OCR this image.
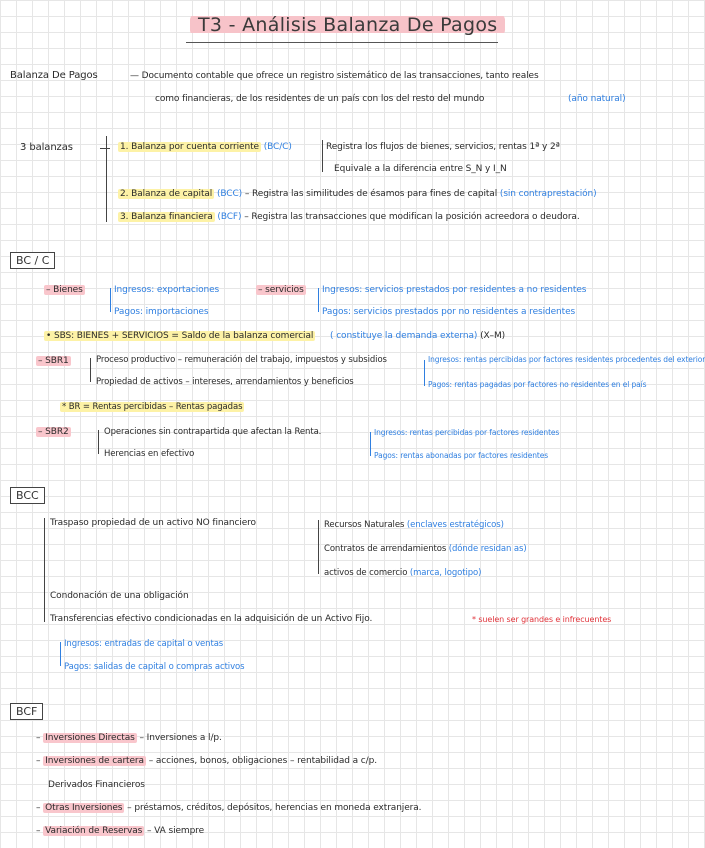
T3 - Análisis Balanza De Pagos
Balanza De Pagos	— Documento contable que ofrece un registro sistemático de las transacciones, tanto reales
como financieras, de los residentes de un país con los del resto del mundo	(año natural)
3 balanzas	1. Balanza por cuenta corriente (BC/C)	Registra los flujos de bienes, servicios, rentas 1ª y 2ª
Equivale a la diferencia entre S_N y I_N
2. Balanza de capital (BCC) – Registra las similitudes de ésamos para fines de capital (sin contraprestación)
3. Balanza financiera (BCF) – Registra las transacciones que modifican la posición acreedora o deudora.
BC / C
– Bienes	Ingresos: exportaciones
Pagos: importaciones
– servicios Ingresos: servicios prestados por residentes a no residentes
Pagos: servicios prestados por no residentes a residentes
• SBS: BIENES + SERVICIOS = Saldo de la balanza comercial ( constituye la demanda externa) (X–M)
– SBR1	Proceso productivo – remuneración del trabajo, impuestos y subsidios
Propiedad de activos – intereses, arrendamientos y beneficios
Ingresos: rentas percibidas por factores residentes procedentes del exterior
Pagos: rentas pagadas por factores no residentes en el país
* BR = Rentas percibidas – Rentas pagadas
– SBR2	Operaciones sin contrapartida que afectan la Renta.
Herencias en efectivo
Ingresos: rentas percibidas por factores residentes
Pagos: rentas abonadas por factores residentes
BCC
Traspaso propiedad de un activo NO financiero	Recursos Naturales (enclaves estratégicos)
Contratos de arrendamientos (dónde residan as)
activos de comercio (marca, logotipo)
Condonación de una obligación
Transferencias efectivo condicionadas en la adquisición de un Activo Fijo.	* suelen ser grandes e infrecuentes
Ingresos: entradas de capital o ventas
Pagos: salidas de capital o compras activos
BCF
– Inversiones Directas – Inversiones a l/p.
– Inversiones de cartera – acciones, bonos, obligaciones – rentabilidad a c/p.
Derivados Financieros
– Otras Inversiones – préstamos, créditos, depósitos, herencias en moneda extranjera.
– Variación de Reservas – VA siempre
